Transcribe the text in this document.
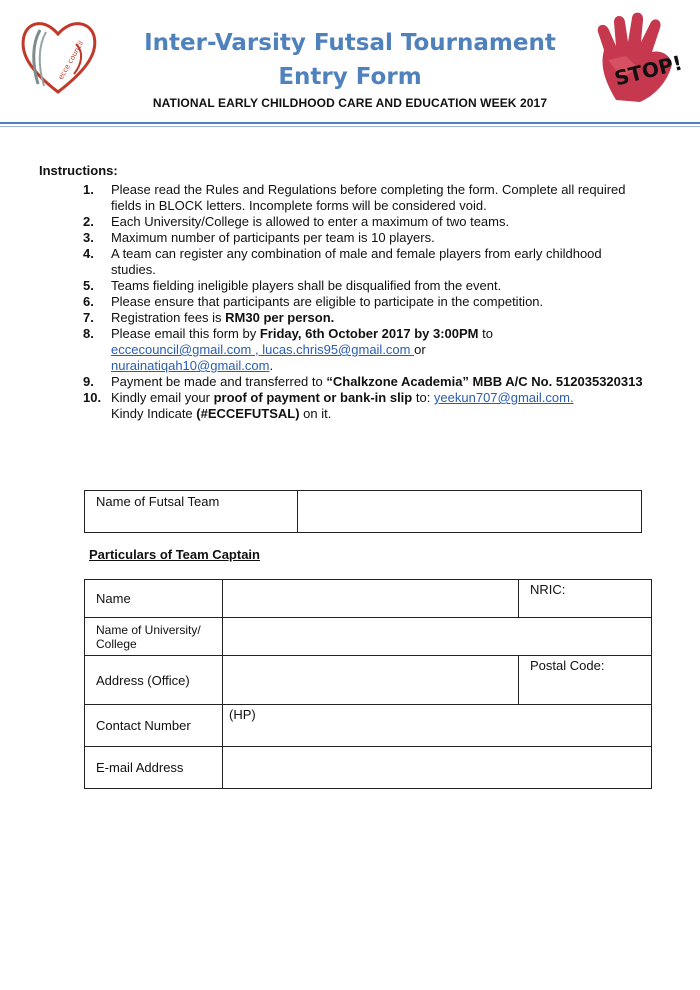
ecce council	Inter-Varsity Futsal Tournament
Entry Form
NATIONAL EARLY CHILDHOOD CARE AND EDUCATION WEEK 2017
STOP!
Instructions:
1. Please read the Rules and Regulations before completing the form. Complete all required fields in BLOCK letters. Incomplete forms will be considered void.
2. Each University/College is allowed to enter a maximum of two teams.
3. Maximum number of participants per team is 10 players.
4. A team can register any combination of male and female players from early childhood studies.
5. Teams fielding ineligible players shall be disqualified from the event.
6. Please ensure that participants are eligible to participate in the competition.
7. Registration fees is RM30 per person.
8. Please email this form by Friday, 6th October 2017 by 3:00PM to
eccecouncil@gmail.com , lucas.chris95@gmail.com or
nurainatiqah10@gmail.com.
9. Payment be made and transferred to “Chalkzone Academia” MBB A/C No. 512035320313
10. Kindly email your proof of payment or bank-in slip to: yeekun707@gmail.com.
Kindy Indicate (#ECCEFUTSAL) on it.
Name of Futsal Team	
Particulars of Team Captain
Name		NRIC:
Name of University/ College		
Address (Office)		Postal Code:
Contact Number	(HP)	
E-mail Address		
